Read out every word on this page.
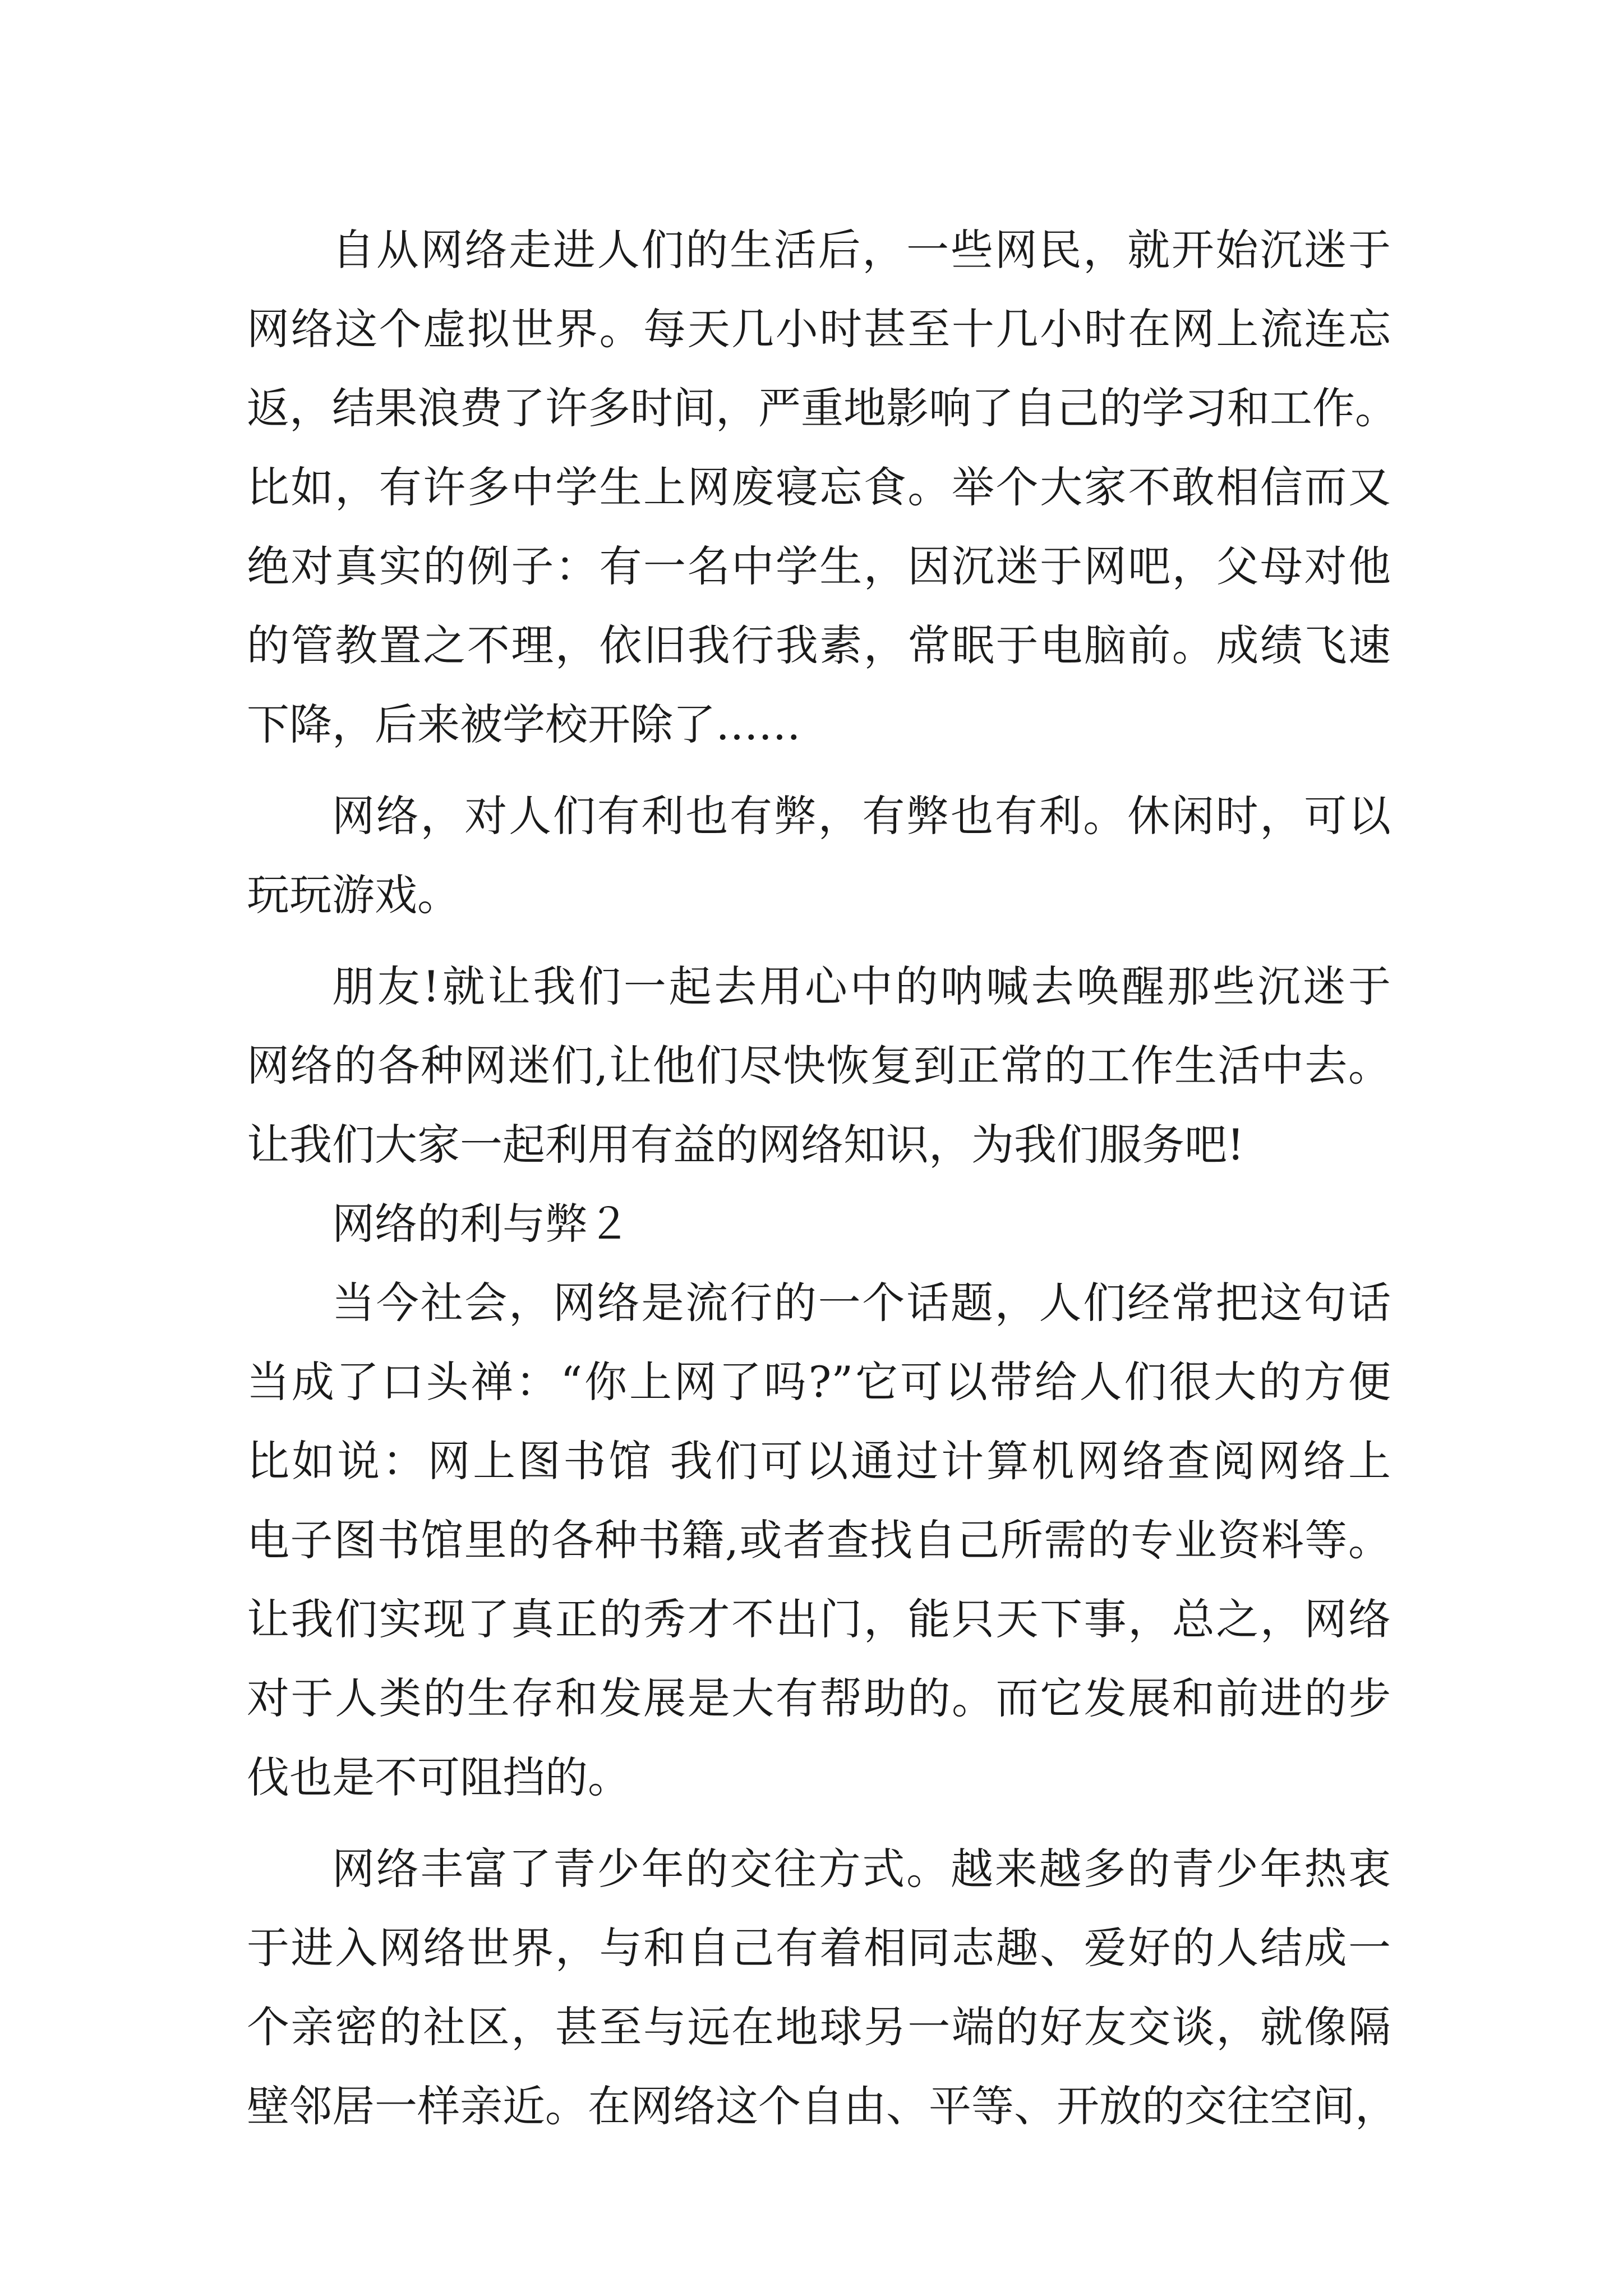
自从网络走进人们的生活后，一些网民，就开始沉迷于
网络这个虚拟世界。每天几小时甚至十几小时在网上流连忘
返，结果浪费了许多时间，严重地影响了自己的学习和工作。
比如，有许多中学生上网废寝忘食。举个大家不敢相信而又
绝对真实的例子：有一名中学生，因沉迷于网吧，父母对他
的管教置之不理，依旧我行我素，常眠于电脑前。成绩飞速
下降，后来被学校开除了……
网络，对人们有利也有弊，有弊也有利。休闲时，可以
玩玩游戏。
朋友!就让我们一起去用心中的呐喊去唤醒那些沉迷于
网络的各种网迷们,让他们尽快恢复到正常的工作生活中去。
让我们大家一起利用有益的网络知识，为我们服务吧!
网络的利与弊２
当今社会，网络是流行的一个话题，人们经常把这句话
当成了口头禅：“你上网了吗?”它可以带给人们很大的方便
比如说：网上图书馆 我们可以通过计算机网络查阅网络上
电子图书馆里的各种书籍,或者查找自己所需的专业资料等。
让我们实现了真正的秀才不出门，能只天下事，总之，网络
对于人类的生存和发展是大有帮助的。而它发展和前进的步
伐也是不可阻挡的。
网络丰富了青少年的交往方式。越来越多的青少年热衷
于进入网络世界，与和自己有着相同志趣、爱好的人结成一
个亲密的社区，甚至与远在地球另一端的好友交谈，就像隔
壁邻居一样亲近。在网络这个自由、平等、开放的交往空间，
